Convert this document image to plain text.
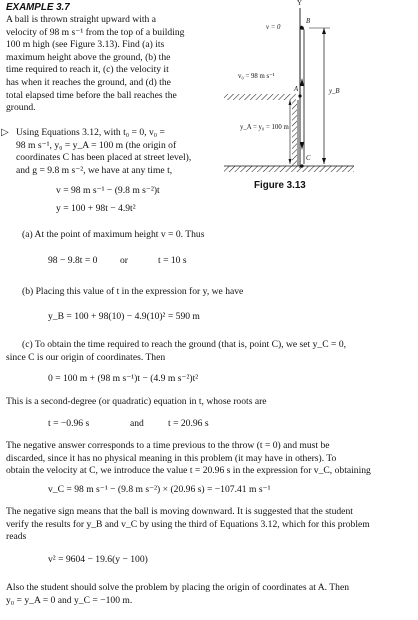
EXAMPLE 3.7
A ball is thrown straight upward with a
velocity of 98 m s⁻¹ from the top of a building
100 m high (see Figure 3.13). Find (a) its
maximum height above the ground, (b) the
time required to reach it, (c) the velocity it
has when it reaches the ground, and (d) the
total elapsed time before the ball reaches the
ground.
▷ Using Equations 3.12, with t₀ = 0, v₀ =
98 m s⁻¹, y₀ = y_A = 100 m (the origin of
coordinates C has been placed at street level),
and g = 9.8 m s⁻², we have at any time t,
v = 98 m s⁻¹ − (9.8 m s⁻²)t
y = 100 + 98t − 4.9t²
Y
B
v = 0
v₀ = 98 m s⁻¹
A	y_B
y_A = y₀ = 100 m
C
Figure 3.13
(a) At the point of maximum height v = 0. Thus
98 − 9.8t = 0 or	t = 10 s
(b) Placing this value of t in the expression for y, we have
y_B = 100 + 98(10) − 4.9(10)² = 590 m
(c) To obtain the time required to reach the ground (that is, point C), we set y_C = 0,
since C is our origin of coordinates. Then
0 = 100 m + (98 m s⁻¹)t − (4.9 m s⁻²)t²
This is a second-degree (or quadratic) equation in t, whose roots are
t = −0.96 s	and	t = 20.96 s
The negative answer corresponds to a time previous to the throw (t = 0) and must be
discarded, since it has no physical meaning in this problem (it may have in others). To
obtain the velocity at C, we introduce the value t = 20.96 s in the expression for v_C, obtaining
v_C = 98 m s⁻¹ − (9.8 m s⁻²) × (20.96 s) = −107.41 m s⁻¹
The negative sign means that the ball is moving downward. It is suggested that the student
verify the results for y_B and v_C by using the third of Equations 3.12, which for this problem
reads
v² = 9604 − 19.6(y − 100)
Also the student should solve the problem by placing the origin of coordinates at A. Then
y₀ = y_A = 0 and y_C = −100 m.
